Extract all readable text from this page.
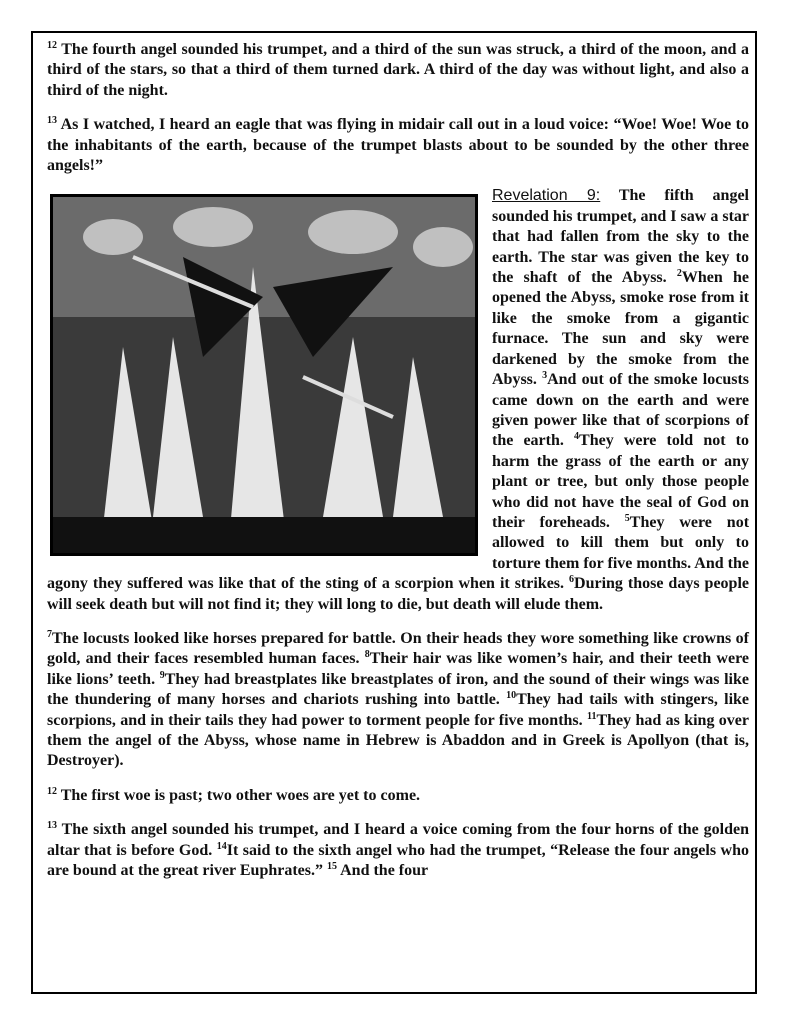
$^{12}$ The fourth angel sounded his trumpet, and a third of the sun was struck, a third of the moon, and a third of the stars, so that a third of them turned dark. A third of the day was without light, and also a third of the night.

$^{13}$ As I watched, I heard an eagle that was flying in midair call out in a loud voice: “Woe! Woe! Woe to the inhabitants of the earth, because of the trumpet blasts about to be sounded by the other three angels!”

Revelation 9: The fifth angel sounded his trumpet, and I saw a star that had fallen from the sky to the earth. The star was given the key to the shaft of the Abyss. $^2$When he opened the Abyss, smoke rose from it like the smoke from a gigantic furnace. The sun and sky were darkened by the smoke from the Abyss. $^3$And out of the smoke locusts came down on the earth and were given power like that of scorpions of the earth. $^4$They were told not to harm the grass of the earth or any plant or tree, but only those people who did not have the seal of God on their foreheads. $^5$They were not allowed to kill them but only to torture them for five months. And the agony they suffered was like that of the sting of a scorpion when it strikes. $^6$During those days people will seek death but will not find it; they will long to die, but death will elude them.

$^7$The locusts looked like horses prepared for battle. On their heads they wore something like crowns of gold, and their faces resembled human faces. $^8$Their hair was like women’s hair, and their teeth were like lions’ teeth. $^9$They had breastplates like breastplates of iron, and the sound of their wings was like the thundering of many horses and chariots rushing into battle. $^{10}$They had tails with stingers, like scorpions, and in their tails they had power to torment people for five months. $^{11}$They had as king over them the angel of the Abyss, whose name in Hebrew is Abaddon and in Greek is Apollyon (that is, Destroyer).

$^{12}$ The first woe is past; two other woes are yet to come.

$^{13}$ The sixth angel sounded his trumpet, and I heard a voice coming from the four horns of the golden altar that is before God. $^{14}$It said to the sixth angel who had the trumpet, “Release the four angels who are bound at the great river Euphrates.” $^{15}$ And the four
